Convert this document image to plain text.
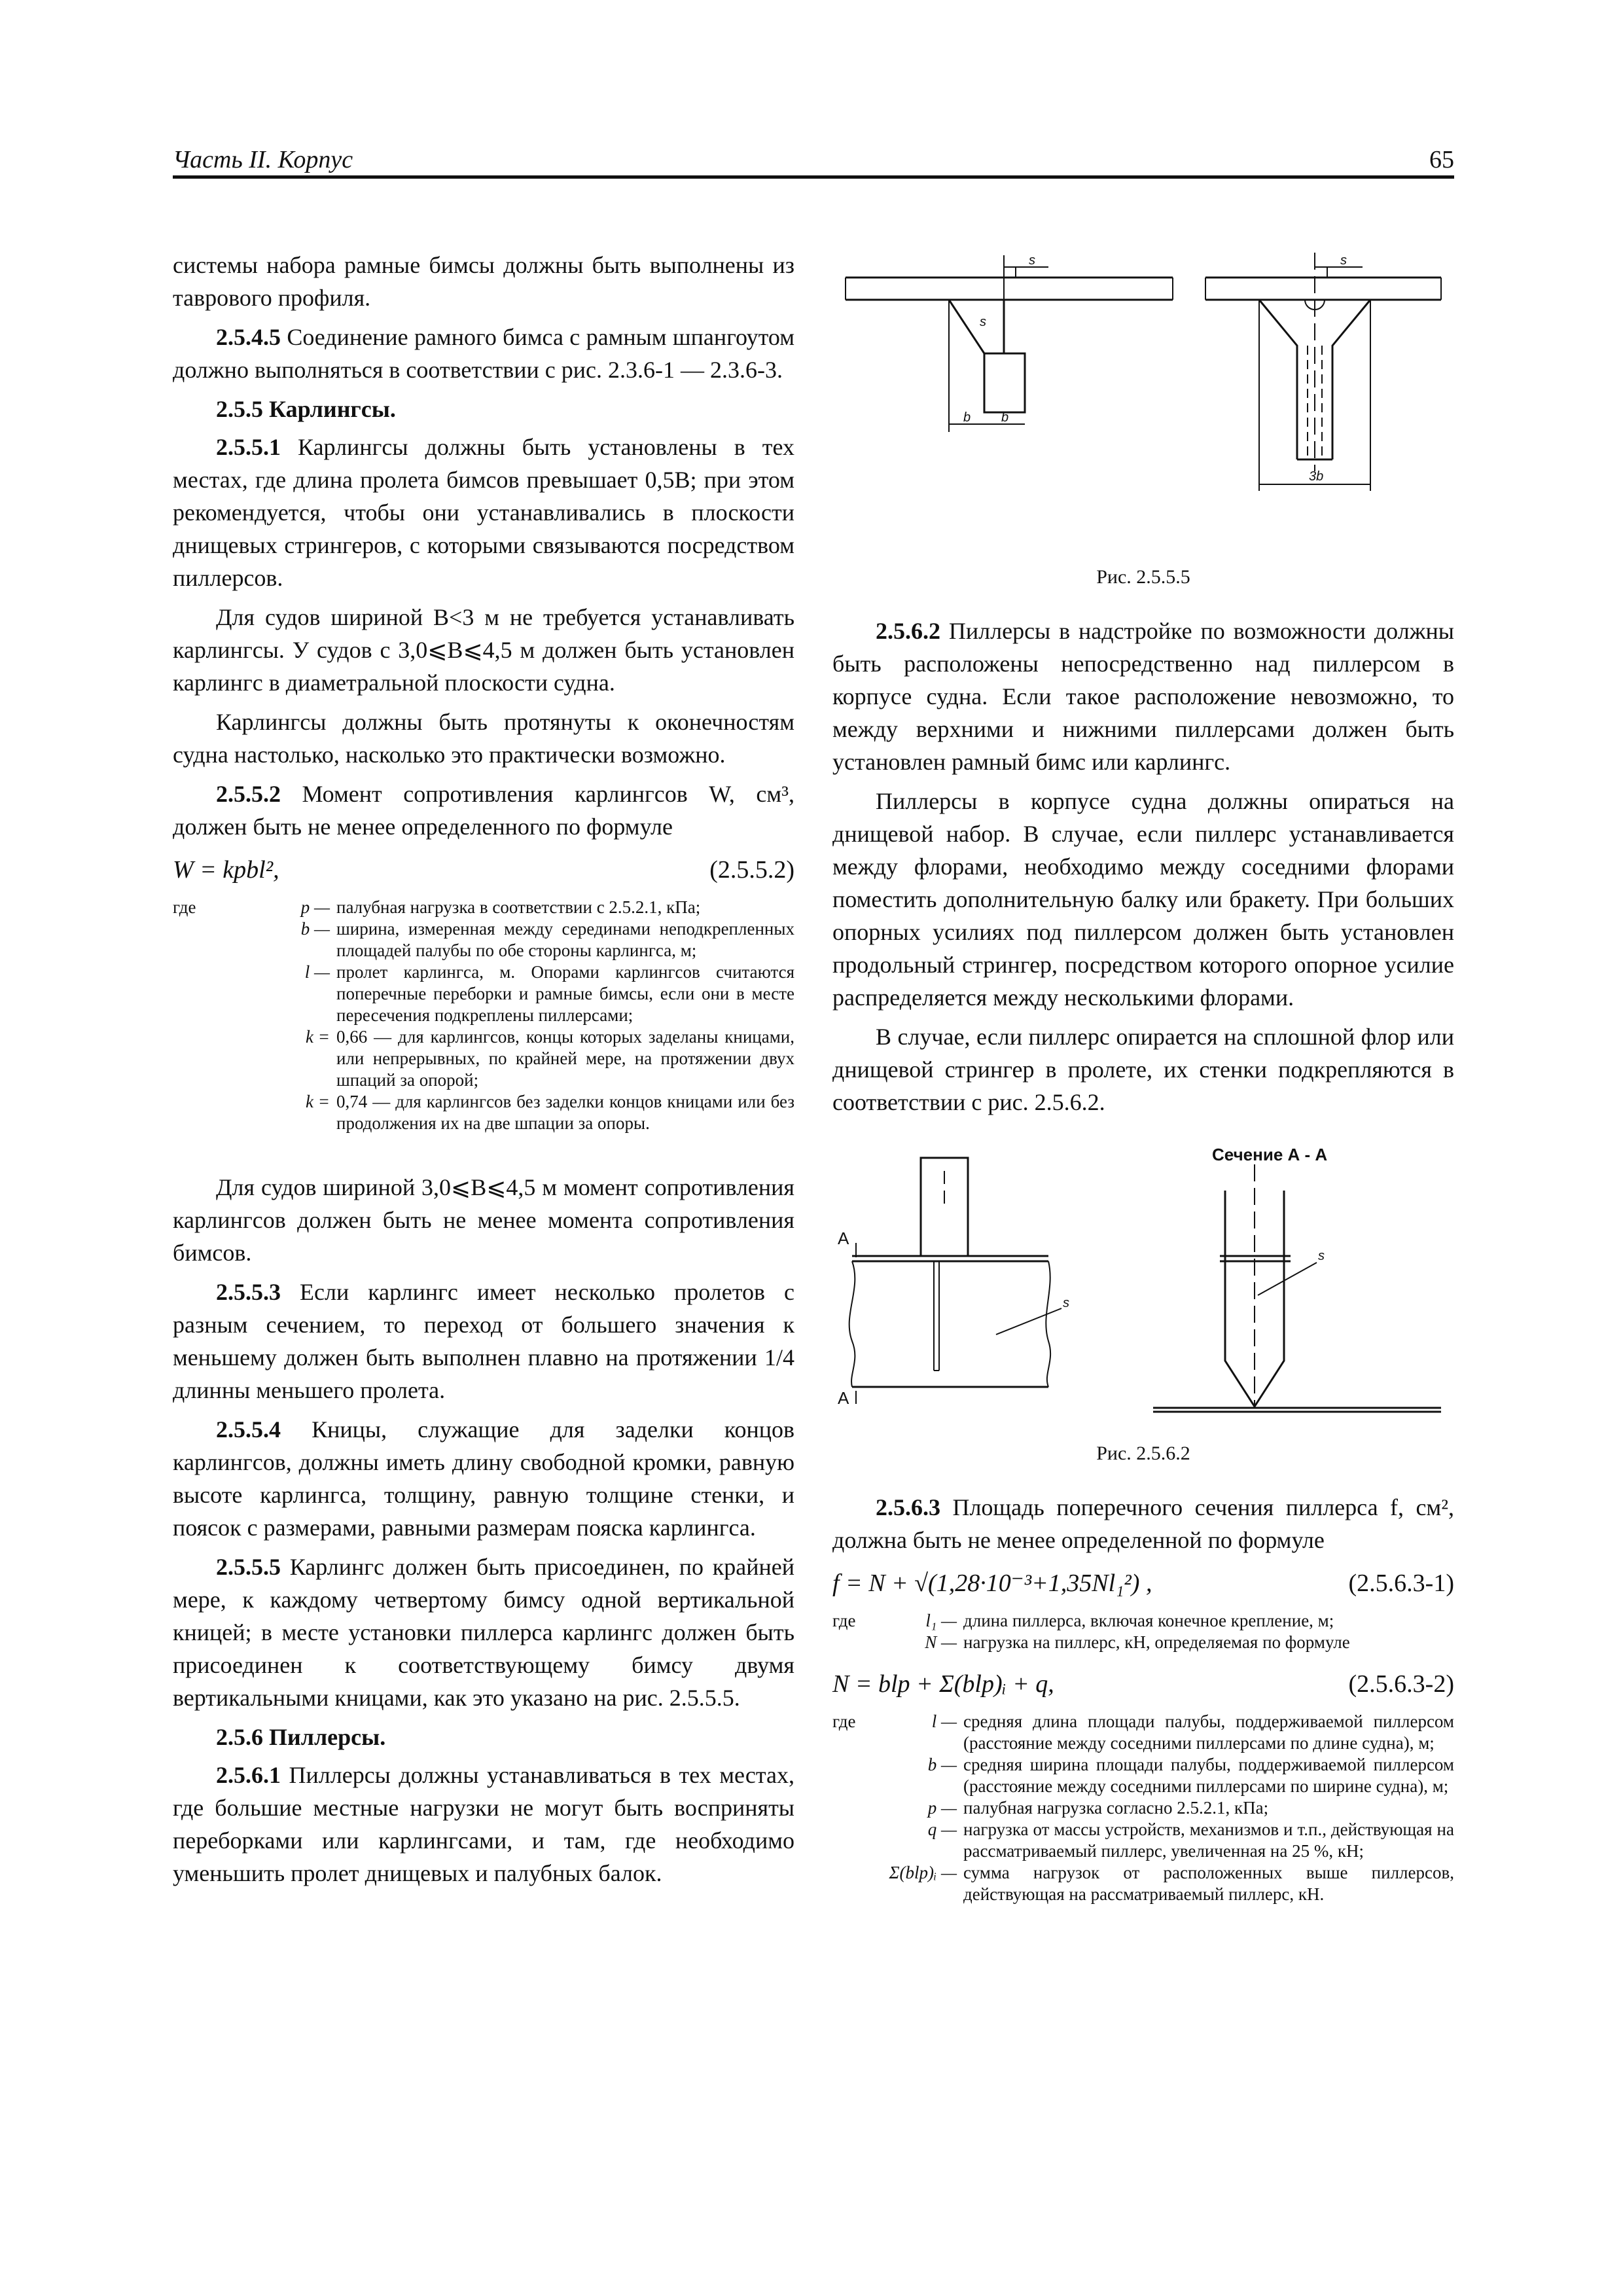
Часть II. Корпус	65

системы набора рамные бимсы должны быть выполнены из таврового профиля.

2.5.4.5 Соединение рамного бимса с рамным шпангоутом должно выполняться в соответствии с рис. 2.3.6-1 — 2.3.6-3.

2.5.5 Карлингсы.

2.5.5.1 Карлингсы должны быть установлены в тех местах, где длина пролета бимсов превышает 0,5B; при этом рекомендуется, чтобы они устанавливались в плоскости днищевых стрингеров, с которыми связываются посредством пиллерсов.

Для судов шириной B<3 м не требуется устанавливать карлингсы. У судов с 3,0⩽B⩽4,5 м должен быть установлен карлингс в диаметральной плоскости судна.

Карлингсы должны быть протянуты к оконечностям судна настолько, насколько это практически возможно.

2.5.5.2 Момент сопротивления карлингсов W, см³, должен быть не менее определенного по формуле

W = kpbl²,	(2.5.5.2)
где	p — палубная нагрузка в соответствии с 2.5.2.1, кПа;
b — ширина, измеренная между серединами неподкрепленных площадей палубы по обе стороны карлингса, м;
l — пролет карлингса, м. Опорами карлингсов считаются поперечные переборки и рамные бимсы, если они в месте пересечения подкреплены пиллерсами;
k = 0,66 — для карлингсов, концы которых заделаны кницами, или непрерывных, по крайней мере, на протяжении двух шпаций за опорой;
k = 0,74 — для карлингсов без заделки концов кницами или без продолжения их на две шпации за опоры.

Для судов шириной 3,0⩽B⩽4,5 м момент сопротивления карлингсов должен быть не менее момента сопротивления бимсов.

2.5.5.3 Если карлингс имеет несколько пролетов с разным сечением, то переход от большего значения к меньшему должен быть выполнен плавно на протяжении 1/4 длинны меньшего пролета.

2.5.5.4 Кницы, служащие для заделки концов карлингсов, должны иметь длину свободной кромки, равную высоте карлингса, толщину, равную толщине стенки, и поясок с размерами, равными размерам пояска карлингса.

2.5.5.5 Карлингс должен быть присоединен, по крайней мере, к каждому четвертому бимсу одной вертикальной кницей; в месте установки пиллерса карлингс должен быть присоединен к соответствующему бимсу двумя вертикальными кницами, как это указано на рис. 2.5.5.5.

2.5.6 Пиллерсы.

2.5.6.1 Пиллерсы должны устанавливаться в тех местах, где большие местные нагрузки не могут быть восприняты переборками или карлингсами, и там, где необходимо уменьшить пролет днищевых и палубных балок.

s
s
b b
s
3b
Рис. 2.5.5.5

2.5.6.2 Пиллерсы в надстройке по возможности должны быть расположены непосредственно над пиллерсом в корпусе судна. Если такое расположение невозможно, то между верхними и нижними пиллерсами должен быть установлен рамный бимс или карлингс.

Пиллерсы в корпусе судна должны опираться на днищевой набор. В случае, если пиллерс устанавливается между флорами, необходимо между соседними флорами поместить дополнительную балку или бракету. При больших опорных усилиях под пиллерсом должен быть установлен продольный стрингер, посредством которого опорное усилие распределяется между несколькими флорами.

В случае, если пиллерс опирается на сплошной флор или днищевой стрингер в пролете, их стенки подкрепляются в соответствии с рис. 2.5.6.2.

А
А
s
s
Сечение А - А
Рис. 2.5.6.2

2.5.6.3 Площадь поперечного сечения пиллерса f, см², должна быть не менее определенной по формуле

f = N + √(1,28·10⁻³+1,35Nl₁²) ,	(2.5.6.3-1)
где	l₁ — длина пиллерса, включая конечное крепление, м;
N — нагрузка на пиллерс, кН, определяемая по формуле
N = blp + Σ(blp)ᵢ + q,	(2.5.6.3-2)
где	l — средняя длина площади палубы, поддерживаемой пиллерсом (расстояние между соседними пиллерсами по длине судна), м;
b — средняя ширина площади палубы, поддерживаемой пиллерсом (расстояние между соседними пиллерсами по ширине судна), м;
p — палубная нагрузка согласно 2.5.2.1, кПа;
q — нагрузка от массы устройств, механизмов и т.п., действующая на рассматриваемый пиллерс, увеличенная на 25 %, кН;
Σ(blp)ᵢ — сумма нагрузок от расположенных выше пиллерсов, действующая на рассматриваемый пиллерс, кН.
